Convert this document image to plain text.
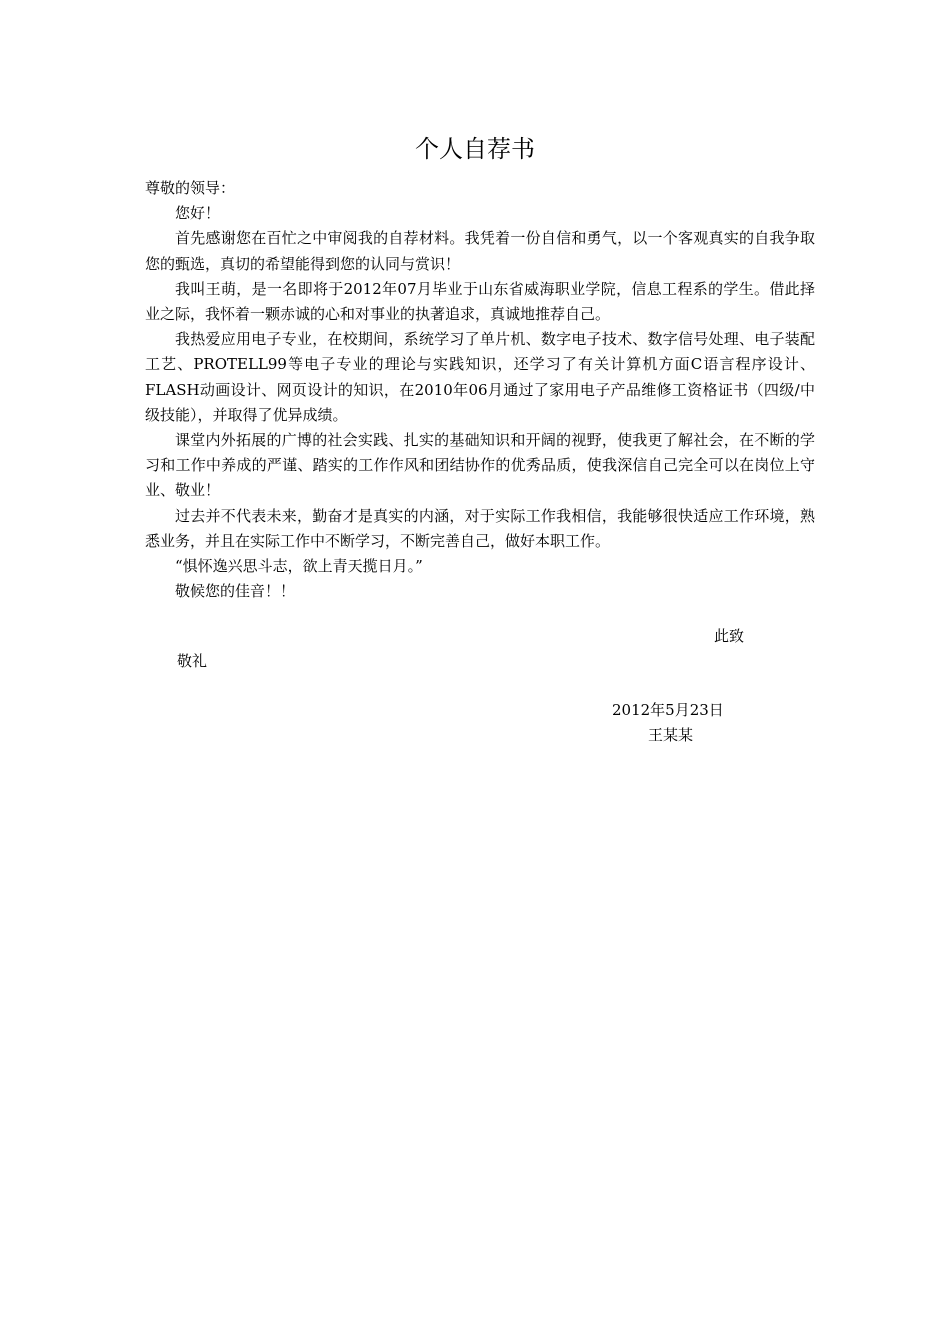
个人自荐书

尊敬的领导：

您好！

首先感谢您在百忙之中审阅我的自荐材料。我凭着一份自信和勇气，以一个客观真实的自我争取您的甄选，真切的希望能得到您的认同与赏识！

我叫王萌，是一名即将于2012年07月毕业于山东省威海职业学院，信息工程系的学生。借此择业之际，我怀着一颗赤诚的心和对事业的执著追求，真诚地推荐自己。

我热爱应用电子专业，在校期间，系统学习了单片机、数字电子技术、数字信号处理、电子装配工艺、PROTELL99等电子专业的理论与实践知识，还学习了有关计算机方面C语言程序设计、FLASH动画设计、网页设计的知识，在2010年06月通过了家用电子产品维修工资格证书（四级/中级技能），并取得了优异成绩。

课堂内外拓展的广博的社会实践、扎实的基础知识和开阔的视野，使我更了解社会，在不断的学习和工作中养成的严谨、踏实的工作作风和团结协作的优秀品质，使我深信自己完全可以在岗位上守业、敬业！

过去并不代表未来，勤奋才是真实的内涵，对于实际工作我相信，我能够很快适应工作环境，熟悉业务，并且在实际工作中不断学习，不断完善自己，做好本职工作。

“惧怀逸兴思斗志，欲上青天揽日月。”

敬候您的佳音！！

此致
敬礼
2012年5月23日
王某某
